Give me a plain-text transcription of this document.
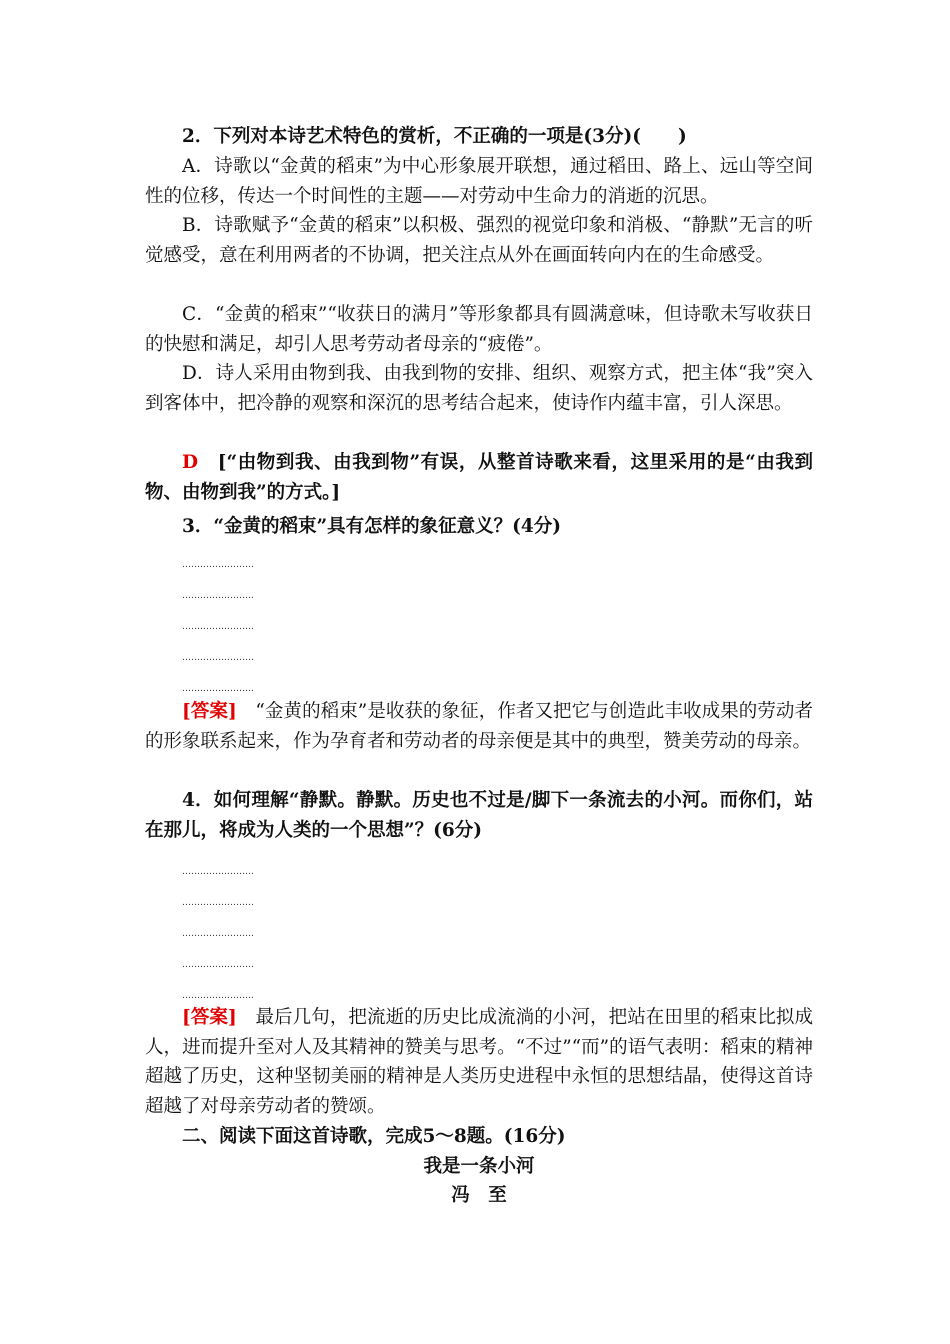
2．下列对本诗艺术特色的赏析，不正确的一项是(3分)(　　)

A．诗歌以“金黄的稻束”为中心形象展开联想，通过稻田、路上、远山等空间性的位移，传达一个时间性的主题——对劳动中生命力的消逝的沉思。

B．诗歌赋予“金黄的稻束”以积极、强烈的视觉印象和消极、“静默”无言的听觉感受，意在利用两者的不协调，把关注点从外在画面转向内在的生命感受。

C．“金黄的稻束”“收获日的满月”等形象都具有圆满意味，但诗歌未写收获日的快慰和满足，却引人思考劳动者母亲的“疲倦”。

D．诗人采用由物到我、由我到物的安排、组织、观察方式，把主体“我”突入到客体中，把冷静的观察和深沉的思考结合起来，使诗作内蕴丰富，引人深思。

D　 [“由物到我、由我到物”有误，从整首诗歌来看，这里采用的是“由我到物、由物到我”的方式。]

3．“金黄的稻束”具有怎样的象征意义？(4分)

……………………
……………………
……………………
……………………
……………………

[答案]　 “金黄的稻束”是收获的象征，作者又把它与创造此丰收成果的劳动者的形象联系起来，作为孕育者和劳动者的母亲便是其中的典型，赞美劳动的母亲。

4．如何理解“静默。静默。历史也不过是/脚下一条流去的小河。而你们，站在那儿，将成为人类的一个思想”？(6分)

……………………
……………………
……………………
……………………
……………………

[答案]　 最后几句，把流逝的历史比成流淌的小河，把站在田里的稻束比拟成人，进而提升至对人及其精神的赞美与思考。“不过”“而”的语气表明：稻束的精神超越了历史，这种坚韧美丽的精神是人类历史进程中永恒的思想结晶，使得这首诗超越了对母亲劳动者的赞颂。

二、阅读下面这首诗歌，完成5～8题。(16分)

我是一条小河
冯　至
